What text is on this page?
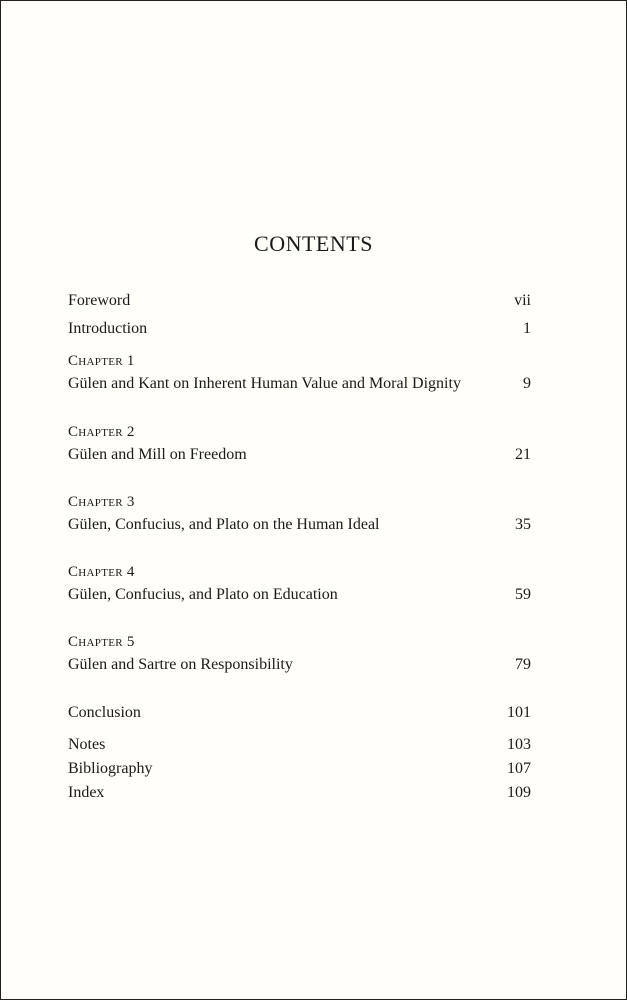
CONTENTS
Foreword	vii
Introduction	1
Chapter 1
Gülen and Kant on Inherent Human Value and Moral Dignity	9
Chapter 2
Gülen and Mill on Freedom	21
Chapter 3
Gülen, Confucius, and Plato on the Human Ideal	35
Chapter 4
Gülen, Confucius, and Plato on Education	59
Chapter 5
Gülen and Sartre on Responsibility	79
Conclusion	101
Notes	103
Bibliography	107
Index	109
